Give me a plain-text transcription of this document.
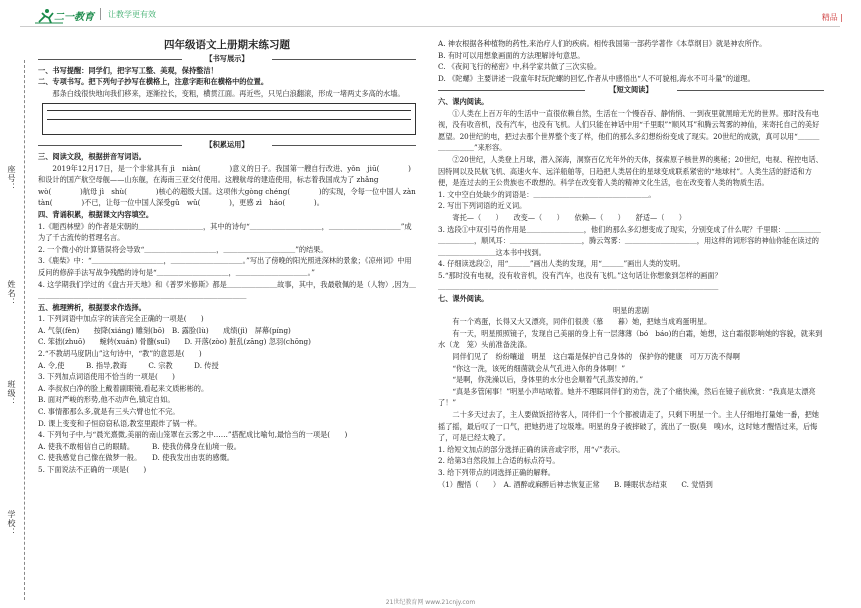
二一教育 让教学更有效	精品 |
座号：
姓名：
班级：
学校：

四年级语文上册期末练习题

【书写展示】

一、书写提醒：同学们，把字写工整、美观，保持整洁！

二、专项书写。把下列句子抄写在横格上，注意字距和在横格中的位置。

　　那条白线很快地向我们移来，逐渐拉长，变粗，横贯江面。再近些，只见白浪翻滚，形成一堵两丈多高的水墙。

【积累运用】

三、阅读文段，根据拼音写词语。

　　2019年12月17日，是一个非常具有 jì　niàn(　　　　)意义的日子。我国第一艘自行改进、yǒn　jiū(　　　　)和设计的国产航空母舰——山东舰，在海南三亚交付使用。这艘航母的建造使用，标志着我国成为了 zhǎng　wò(　　　　)航母 jì　shù(　　　　)核心的超级大国。这项伟大gòng chéng(　　　　)的实现，令每一位中国人 zàn　tàn(　　　　)不已，让每一位中国人深受gǔ　wǔ(　　　　)，更感 zì　háo(　　　　)。

四、背诵积累，根据课文内容填空。

1.《题西林壁》的作者是宋朝的＿＿＿＿＿＿＿＿＿，其中的诗句“＿＿＿＿＿＿＿＿＿＿，＿＿＿＿＿＿＿＿＿＿”成为了千古流传的哲理名言。

2. 一个微小的计算错误将会导致“＿＿＿＿＿＿＿＿＿＿，＿＿＿＿＿＿＿＿＿＿”的结果。

3.《鹿柴》中：“＿＿＿＿＿＿＿＿＿＿，＿＿＿＿＿＿＿＿＿＿。”写出了傍晚的阳光照进深林的景象；《凉州词》中用反问的修辞手法写战争残酷的诗句是“＿＿＿＿＿＿＿＿＿＿，＿＿＿＿＿＿＿＿＿＿。”

4. 这学期我们学过的《盘古开天地》和《普罗米修斯》都是＿＿＿＿＿＿＿故事，其中，我最敬佩的是（人物）,因为＿＿＿＿＿＿＿＿＿＿＿＿＿＿＿＿＿＿＿＿＿＿＿＿＿＿＿＿＿＿

五、梳理辨析，根据要求作选择。

1. 下列词语中加点字的读音完全正确的一项是(　　)

A. 气氛(fèn)　　按降(xiáng) 雕刻(bō)　B. 露脸(lù)　　成绩(jì)　屏幕(píng)

C. 笨拙(zhuō)　　蜿转(xuán) 骨髓(suǐ)　　D. 开落(zòo) 脏乱(zāng) 忽羽(chōng)

2.“不教胡马度阴山”这句诗中，“教”的意思是(　　)

A. 令,使　　　B. 指导,教诲　　　C. 宗教　　　D. 传授

3. 下列加点词语使用不恰当的一项是(　　)

A. 李叔叔白净的脸上戴着副眼镜,看起来文质彬彬的。

B. 面对严峻的形势,他不动声色,镇定自如。

C. 事情都那么多,就是有三头六臂也忙不完。

D. 课上变变和子恒窃窃私语,教室里跟炸了锅一样。

4. 下列句子中,与“晨光熹微,美丽的南山笼罩在云雾之中……”搭配成比喻句,最恰当的一项是(　　)

A. 使我不敢相信自己的眼睛。　　　B. 使我仿佛身在仙境一般。

C. 使我感觉自己像在做梦一般。　　D. 使我发出由衷的感慨。

5. 下面说法不正确的一项是(　　)

A. 神农根据各种植物的药性,来治疗人们的疾病。相传我国第一部药学著作《本草纲目》就是神农所作。

B. 有时可以用想象画面的方法理解诗句意思。

C. 《夜间飞行的秘密》中,科学家共做了三次实验。

D. 《陀螺》主要讲述一段童年时玩陀螺的回忆,作者从中感悟出“人不可貌相,海水不可斗量”的道理。

【短文阅读】

六、课内阅读。

　　①人类在上百万年的生活中一直很依赖自然，生活在一个慢吞吞、静悄悄、一到夜里就黑暗无光的世界。那时没有电视，没有收音机，没有汽车，也没有飞机。人们只能在神话中用“千里眼”“顺风耳”和腾云驾雾的神仙，来寄托自己的美好愿望。20世纪的电，把过去那个世界整个变了样，他们的那么多幻想纷纷变成了现实。20世纪的成就，真可以用“＿＿＿＿＿＿＿＿”来形容。

　　②20世纪，人类登上月球，潜入深海，洞察百亿光年外的天体，探索原子核世界的奥秘；20世纪，电视、程控电话、因特网以及民航飞机、高速火车、远洋船舶等，日趋把人类居住的星球变成联系紧密的“地球村”。人类生活的舒适和方便，是连过去的王公贵族也不敢想的。科学在改变着人类的精神文化生活，也在改变着人类的物质生活。

1. 文中空白处缺少的词语是：＿＿＿＿＿＿＿＿＿＿＿＿＿＿＿＿。

2. 写出下列词语的近义词。

　　寄托—（　　）　　改变—（　　）　　依赖—（　　）　　舒适—（　　）

3. 选段①中双引号的作用是＿＿＿＿＿＿＿＿，他们的那么多幻想变成了现实，分别变成了什么呢？千里眼：＿＿＿＿＿＿＿＿＿＿，顺风耳：＿＿＿＿＿＿＿＿＿＿，腾云驾雾：＿＿＿＿＿＿＿＿＿＿，用这样的词形容的神仙你能在读过的＿＿＿＿＿＿＿＿这本书中找到。

4. 仔细读选段②，用“＿＿＿”画出人类的发现，用“＿＿＿”画出人类的发明。

5.“那时没有电视，没有收音机，没有汽车，也没有飞机。”这句话让你想象到怎样的画面？

＿＿＿＿＿＿＿＿＿＿＿＿＿＿＿＿＿＿＿＿＿＿＿＿＿＿＿＿＿＿＿＿＿＿＿＿＿＿＿

七、课外阅读。

明星的悲剧

　　有一个鸡蛋，长得又大又漂亮，同伴们很羡（慕　　暮）她，把她当成鸡蛋明星。

　　有一天，明星照照镜子，发现自己美丽的身上有一层薄薄（bó　báo)的白霜，她想，这白霜很影响她的容貌，就来到水（龙　笼）头前准备洗涤。

　　同伴们见了　纷纷嚷道　明星　这白霜是保护自己身体的　保护你的健康　可万万洗不得啊

　　“你这一洗，该死的细菌就会从气孔进入你的身体啊！”

　　“是啊，你洗澡以后，身体里的水分也会顺着气孔蒸发掉的。”

　　“真是多管闲事！”明星小声咕哝着。她并不理睬同伴们的劝告，洗了个痛快澡，然后在镜子前欣赏：“我真是太漂亮了！”

　　二十多天过去了，主人要做饭招待客人，同伴们一个个都被请走了，只剩下明星一个。主人仔细地打量她一番，把她摇了摇，最后叹了一口气，把她扔进了垃圾堆。明星的身子被摔破了，流出了一股(臭　嗅)水，这时她才醒悟过来，后悔了，可是已经太晚了。

1. 给短文加点的部分选择正确的读音或字形，用“√”表示。

2. 给第3自然段加上合适的标点符号。

3. 给下列带点的词选择正确的解释。

（1）醒悟（　　）　A. 酒醉或麻醉后神志恢复正常　　B. 睡眠状态结束　　C. 觉悟到

21世纪教育网 www.21cnjy.com
